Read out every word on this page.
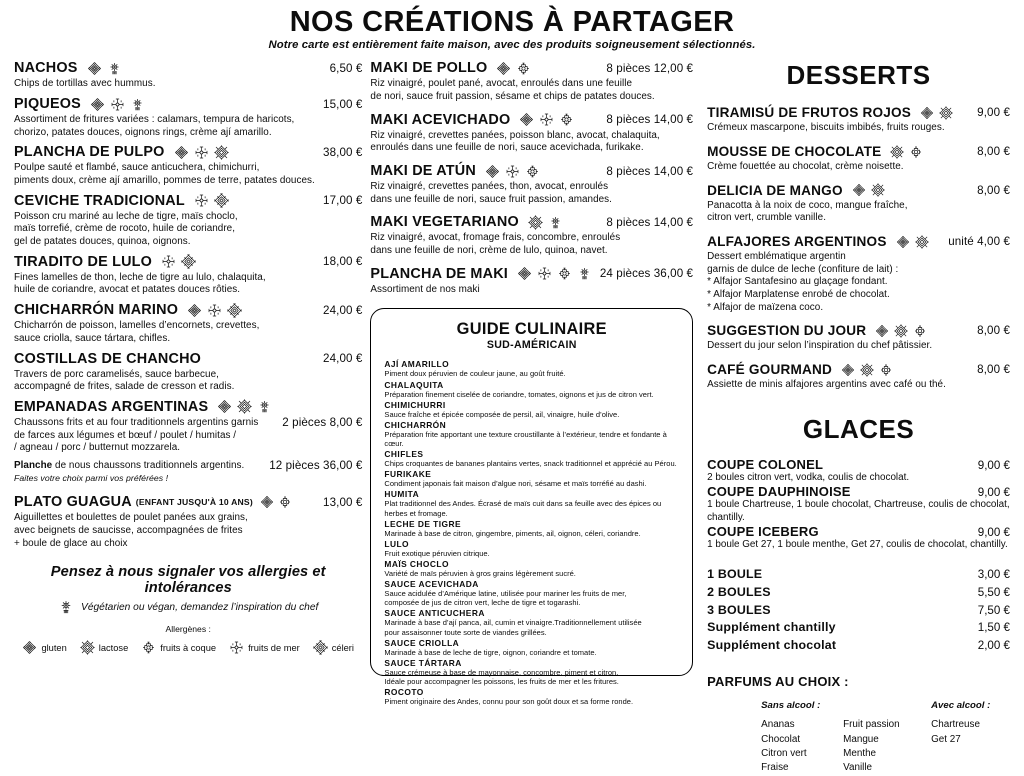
NOS CRÉATIONS À PARTAGER
Notre carte est entièrement faite maison, avec des produits soigneusement sélectionnés.
NACHOS	6,50 €
Chips de tortillas avec hummus.
PIQUEOS	15,00 €
Assortiment de fritures variées : calamars, tempura de haricots,
chorizo, patates douces, oignons rings, crème ají amarillo.
PLANCHA DE PULPO	38,00 €
Poulpe sauté et flambé, sauce anticuchera, chimichurri,
piments doux, crème ají amarillo, pommes de terre, patates douces.
CEVICHE TRADICIONAL	17,00 €
Poisson cru mariné au leche de tigre, maïs choclo,
maïs torrefié, crème de rocoto, huile de coriandre,
gel de patates douces, quinoa, oignons.
TIRADITO DE LULO	18,00 €
Fines lamelles de thon, leche de tigre au lulo, chalaquita,
huile de coriandre, avocat et patates douces rôties.
CHICHARRÓN MARINO	24,00 €
Chicharrón de poisson, lamelles d’encornets, crevettes,
sauce criolla, sauce tártara, chifles.
COSTILLAS DE CHANCHO	24,00 €
Travers de porc caramelisés, sauce barbecue,
accompagné de frites, salade de cresson et radis.
EMPANADAS ARGENTINAS
Chaussons frits et au four traditionnels argentins garnis
de farces aux légumes et bœuf / poulet / humitas /
/ agneau / porc / butternut mozzarela.
2 pièces 8,00 €
Planche de nous chaussons traditionnels argentins.
Faites votre choix parmi vos préférées !
12 pièces 36,00 €
PLATO GUAGUA (ENFANT JUSQU'À 10 ANS)	13,00 €
Aiguillettes et boulettes de poulet panées aux grains,
avec beignets de saucisse, accompagnées de frites
+ boule de glace au choix
Pensez à nous signaler vos allergies et intolérances
Végétarien ou végan, demandez l’inspiration du chef
Allergènes :
gluten	lactose	fruits à coque	fruits de mer	céleri
MAKI DE POLLO	8 pièces 12,00 €
Riz vinaigré, poulet pané, avocat, enroulés dans une feuille
de nori, sauce fruit passion, sésame et chips de patates douces.
MAKI ACEVICHADO	8 pièces 14,00 €
Riz vinaigré, crevettes panées, poisson blanc, avocat, chalaquita,
enroulés dans une feuille de nori, sauce acevichada, furikake.
MAKI DE ATÚN	8 pièces 14,00 €
Riz vinaigré, crevettes panées, thon, avocat, enroulés
dans une feuille de nori, sauce fruit passion, amandes.
MAKI VEGETARIANO	8 pièces 14,00 €
Riz vinaigré, avocat, fromage frais, concombre, enroulés
dans une feuille de nori, crème de lulo, quinoa, navet.
PLANCHA DE MAKI	24 pièces 36,00 €
Assortiment de nos maki
GUIDE CULINAIRE
SUD-AMÉRICAIN
AJÍ AMARILLO
Piment doux péruvien de couleur jaune, au goût fruité.
CHALAQUITA
Préparation finement ciselée de coriandre, tomates, oignons et jus de citron vert.
CHIMICHURRI
Sauce fraîche et épicée composée de persil, ail, vinaigre, huile d’olive.
CHICHARRÓN
Préparation frite apportant une texture croustillante à l’extérieur, tendre et fondante à cœur.
CHIFLES
Chips croquantes de bananes plantains vertes, snack traditionnel et apprécié au Pérou.
FURIKAKE
Condiment japonais fait maison d’algue nori, sésame et maïs torréfié au dashi.
HUMITA
Plat traditionnel des Andes. Écrasé de maïs cuit dans sa feuille avec des épices ou herbes et fromage.
LECHE DE TIGRE
Marinade à base de citron, gingembre, piments, ail, oignon, céleri, coriandre.
LULO
Fruit exotique péruvien citrique.
MAÏS CHOCLO
Variété de maïs péruvien à gros grains légèrement sucré.
SAUCE ACEVICHADA
Sauce acidulée d’Amérique latine, utilisée pour mariner les fruits de mer,
composée de jus de citron vert, leche de tigre et togarashi.
SAUCE ANTICUCHERA
Marinade à base d’ají panca, ail, cumin et vinaigre.Traditionnellement utilisée
pour assaisonner toute sorte de viandes grillées.
SAUCE CRIOLLA
Marinade à base de leche de tigre, oignon, coriandre et tomate.
SAUCE TÁRTARA
Sauce crémeuse à base de mayonnaise, concombre, piment et citron.
Idéale pour accompagner les poissons, les fruits de mer et les fritures.
ROCOTO
Piment originaire des Andes, connu pour son goût doux et sa forme ronde.
DESSERTS
TIRAMISÚ DE FRUTOS ROJOS	9,00 €
Crémeux mascarpone, biscuits imbibés, fruits rouges.
MOUSSE DE CHOCOLATE	8,00 €
Crème fouettée au chocolat, crème noisette.
DELICIA DE MANGO	8,00 €
Panacotta à la noix de coco, mangue fraîche,
citron vert, crumble vanille.
ALFAJORES ARGENTINOS	unité 4,00 €
Dessert emblématique argentin
garnis de dulce de leche (confiture de lait) :
* Alfajor Santafesino au glaçage fondant.
* Alfajor Marplatense enrobé de chocolat.
* Alfajor de maïzena coco.
SUGGESTION DU JOUR	8,00 €
Dessert du jour selon l’inspiration du chef pâtissier.
CAFÉ GOURMAND	8,00 €
Assiette de minis alfajores argentins avec café ou thé.
GLACES
COUPE COLONEL	9,00 €
2 boules citron vert, vodka, coulis de chocolat.
COUPE DAUPHINOISE	9,00 €
1 boule Chartreuse, 1 boule chocolat, Chartreuse, coulis de chocolat, chantilly.
COUPE ICEBERG	9,00 €
1 boule Get 27, 1 boule menthe, Get 27, coulis de chocolat, chantilly.
1 BOULE	3,00 €
2 BOULES	5,50 €
3 BOULES	7,50 €
Supplément chantilly	1,50 €
Supplément chocolat	2,00 €
PARFUMS AU CHOIX :
Sans alcool :
Ananas
Chocolat
Citron vert
Fraise
Fruit passion
Mangue
Menthe
Vanille
Avec alcool :
Chartreuse
Get 27
